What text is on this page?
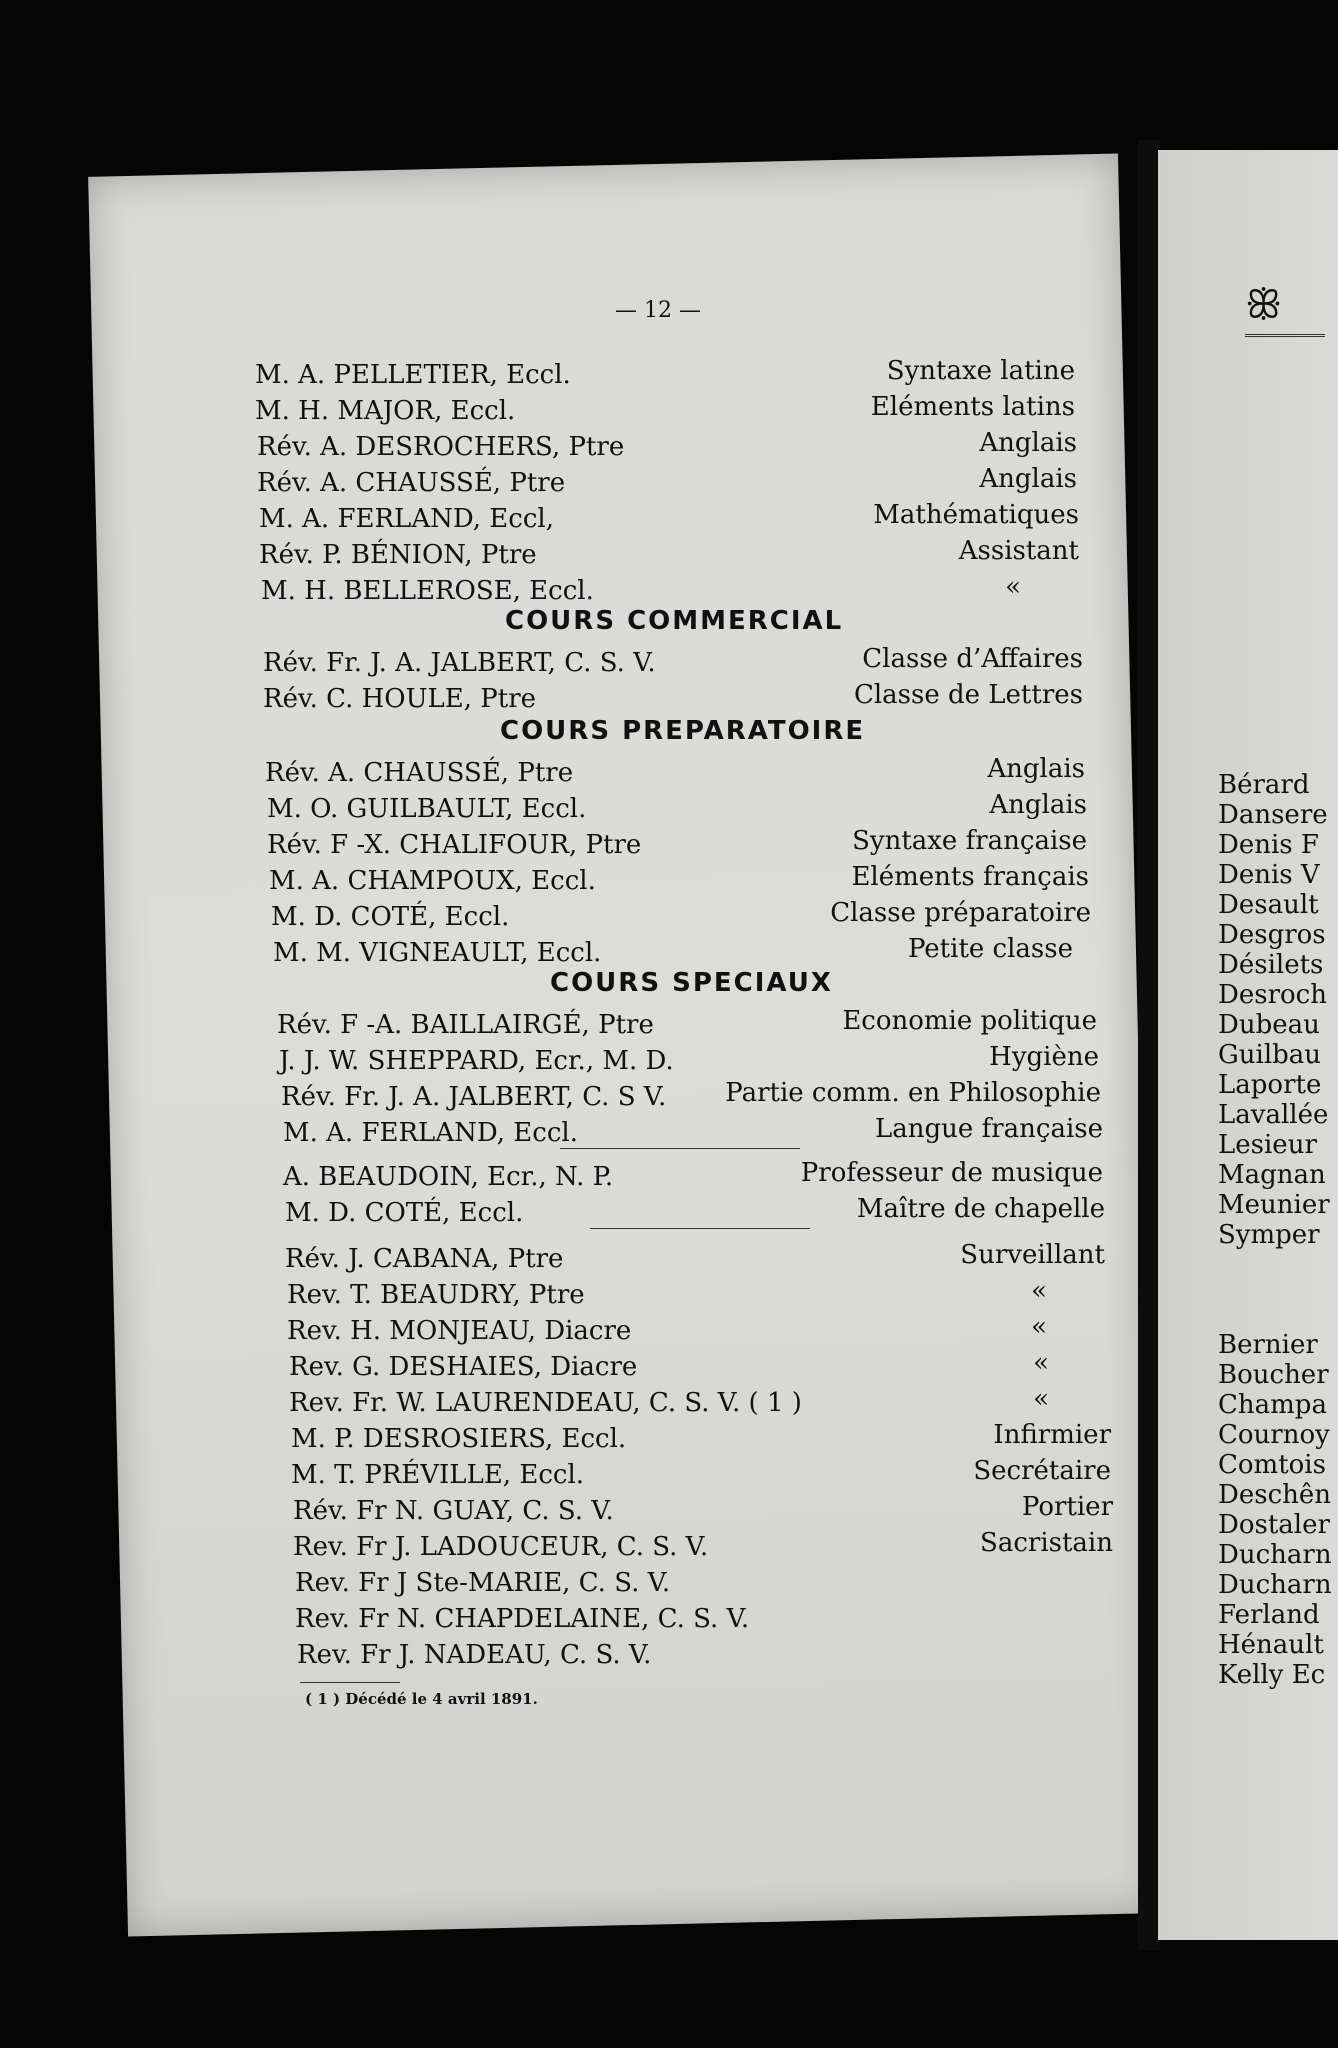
ꕥ
— 12 —
M. A. PELLETIER, Eccl.	Syntaxe latine
M. H. MAJOR, Eccl.	Eléments latins
Rév. A. DESROCHERS, Ptre	Anglais
Rév. A. CHAUSSÉ, Ptre	Anglais
M. A. FERLAND, Eccl,	Mathématiques
Rév. P. BÉNION, Ptre	Assistant
M. H. BELLEROSE, Eccl.	«
COURS COMMERCIAL
Rév. Fr. J. A. JALBERT, C. S. V.	Classe d’Affaires
Rév. C. HOULE, Ptre	Classe de Lettres
COURS PREPARATOIRE
Rév. A. CHAUSSÉ, Ptre	Anglais
M. O. GUILBAULT, Eccl.	Anglais
Rév. F -X. CHALIFOUR, Ptre	Syntaxe française
M. A. CHAMPOUX, Eccl.	Eléments français
M. D. COTÉ, Eccl.	Classe préparatoire
M. M. VIGNEAULT, Eccl.	Petite classe
COURS SPECIAUX
Rév. F -A. BAILLAIRGÉ, Ptre	Economie politique
J. J. W. SHEPPARD, Ecr., M. D.	Hygiène
Rév. Fr. J. A. JALBERT, C. S V. Partie comm. en Philosophie
M. A. FERLAND, Eccl.	Langue française
A. BEAUDOIN, Ecr., N. P.	Professeur de musique
M. D. COTÉ, Eccl.	Maître de chapelle
Rév. J. CABANA, Ptre	Surveillant
Rev. T. BEAUDRY, Ptre	«
Rev. H. MONJEAU, Diacre	«
Rev. G. DESHAIES, Diacre	«
Rev. Fr. W. LAURENDEAU, C. S. V. ( 1 )	«
M. P. DESROSIERS, Eccl.	Infirmier
M. T. PRÉVILLE, Eccl.	Secrétaire
Rév. Fr N. GUAY, C. S. V.	Portier
Rev. Fr J. LADOUCEUR, C. S. V.	Sacristain
Rev. Fr J Ste-MARIE, C. S. V.
Rev. Fr N. CHAPDELAINE, C. S. V.
Rev. Fr J. NADEAU, C. S. V.
( 1 ) Décédé le 4 avril 1891.
Bérard
Dansere
Denis F
Denis V
Desault
Desgros
Désilets
Desroch
Dubeau
Guilbau
Laporte
Lavallée
Lesieur
Magnan
Meunier
Symper
Bernier
Boucher
Champa
Cournoy
Comtois
Deschên
Dostaler
Ducharn
Ducharn
Ferland
Hénault
Kelly Ec
